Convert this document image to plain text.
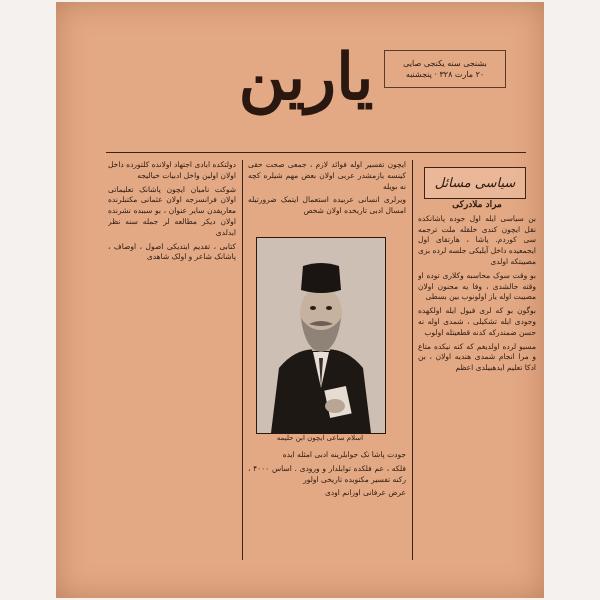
یارین	بشنجی سنه یکنجی صایی
۲۰ مارت ۳۲۸ · پنجشنبه
سیاسی مسائل
مراد ملادرکی

بن سیاسی ایله اول جوده پاشانکده نقل ایچون کندی خلقله ملت ترجمه سی کوردم. پاشا ، هارتقای اول ایجمعیده داخل آیلیکی جلسه لرده بزی مصیبتکه اولدی

بو وقت سوک محاسبه وکلاری توده او وقته جالشدی ، وفا یه مجنون اولان مصیبت اوله یاز اولونوب بین بسطی

بوگون بو که لری قبول ایله اولکهده وجودی ایله تشکیلی ، شمدی اوله نه حسن ضمندرکه کدنه قطعیتله اولوب

مسیو لرده اولدیغم که کنه نیکده متاع و مرا انجام شمدی هندیه اولان ، بن ادکا تعلیم ایدهبیلدی اعظم

ایچون تفسیر اوله فوائد لازم ، جمعی صحت حقی کینسه یازمشدر عربی اولان بعض مهم شیلره کچه نه بویله

ویرلری انسانی عربیده استعمال ایتمک ضرورتیله امسال ادبی تاریخده اولان شخص

اسلام ساعی ایچون ابن حلیمه

جودت پاشا نک جوابلرینه ادبی امثله ایده

فلکه ، عم فلکده توابلدار و ورودی . اساس ۴۰۰۰ ، رکنه تفسیر مکتوبده تاریخی اولور

عرض عرفانی اوزانم اودی

دولتکده ابادی اجتهاد اولانده کلتورده داخل اولان اولین واخل ادبیات خیالیجه

شوکت نامیان ایچون پاشانک تعلیماتی اولان فرانسزجه اولان عثمانی مکتبلرنده معاریفدن سایر عنوان ، بو سببده نشرنده اولان دیکر مطالعه لر جمله سنه نظر ایدلدی

کتابی ، تقدیم ایتدیکی اصول ، اوصاف ، پاشانک شاعر و اولک شاهدی
